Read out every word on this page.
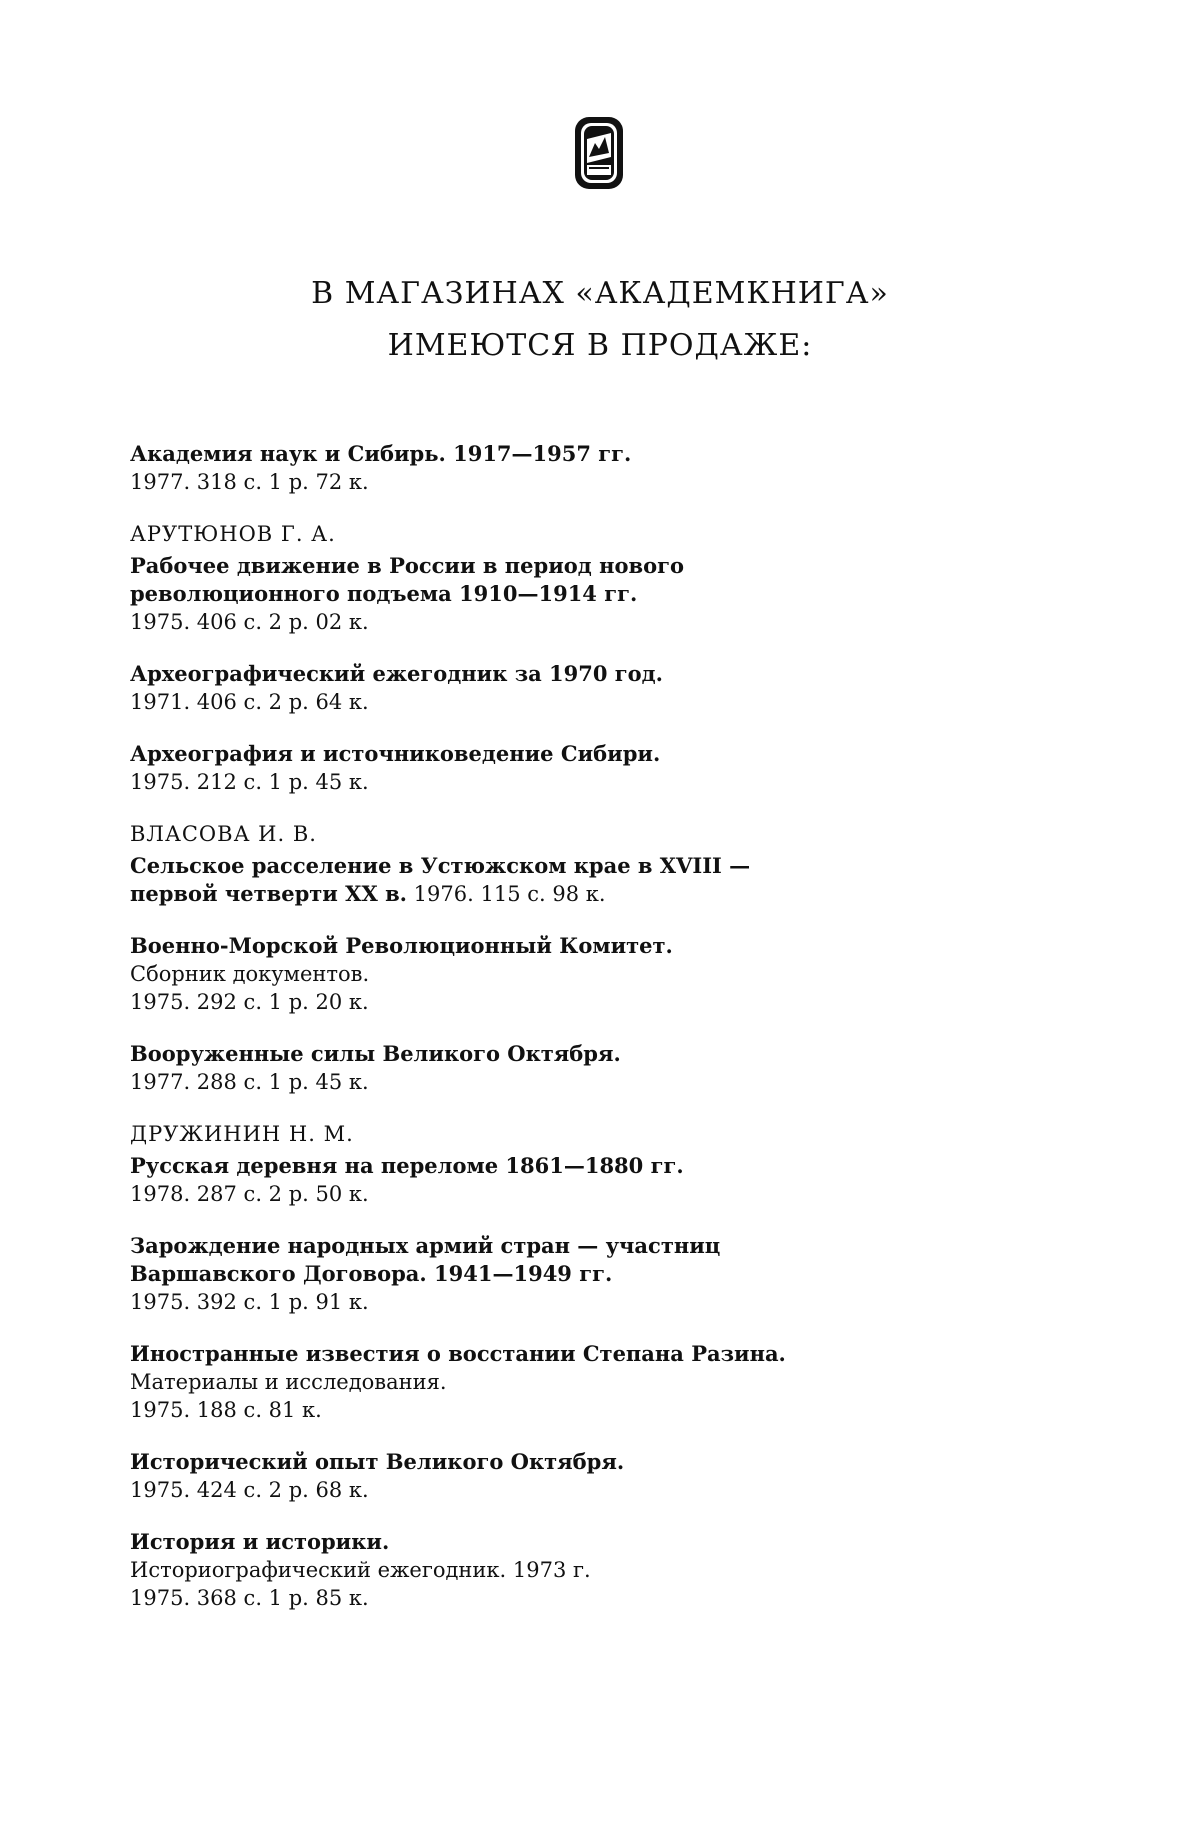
В МАГАЗИНАХ «АКАДЕМКНИГА»
ИМЕЮТСЯ В ПРОДАЖЕ:
Академия наук и Сибирь. 1917—1957 гг.
1977. 318 с. 1 р. 72 к.
АРУТЮНОВ Г. А.
Рабочее движение в России в период нового
революционного подъема 1910—1914 гг.
1975. 406 с. 2 р. 02 к.
Археографический ежегодник за 1970 год.
1971. 406 с. 2 р. 64 к.
Археография и источниковедение Сибири.
1975. 212 с. 1 р. 45 к.
ВЛАСОВА И. В.
Сельское расселение в Устюжском крае в XVIII —
первой четверти XX в. 1976. 115 с. 98 к.
Военно-Морской Революционный Комитет.
Сборник документов.
1975. 292 с. 1 р. 20 к.
Вооруженные силы Великого Октября.
1977. 288 с. 1 р. 45 к.
ДРУЖИНИН Н. М.
Русская деревня на переломе 1861—1880 гг.
1978. 287 с. 2 р. 50 к.
Зарождение народных армий стран — участниц
Варшавского Договора. 1941—1949 гг.
1975. 392 с. 1 р. 91 к.
Иностранные известия о восстании Степана Разина.
Материалы и исследования.
1975. 188 с. 81 к.
Исторический опыт Великого Октября.
1975. 424 с. 2 р. 68 к.
История и историки.
Историографический ежегодник. 1973 г.
1975. 368 с. 1 р. 85 к.
